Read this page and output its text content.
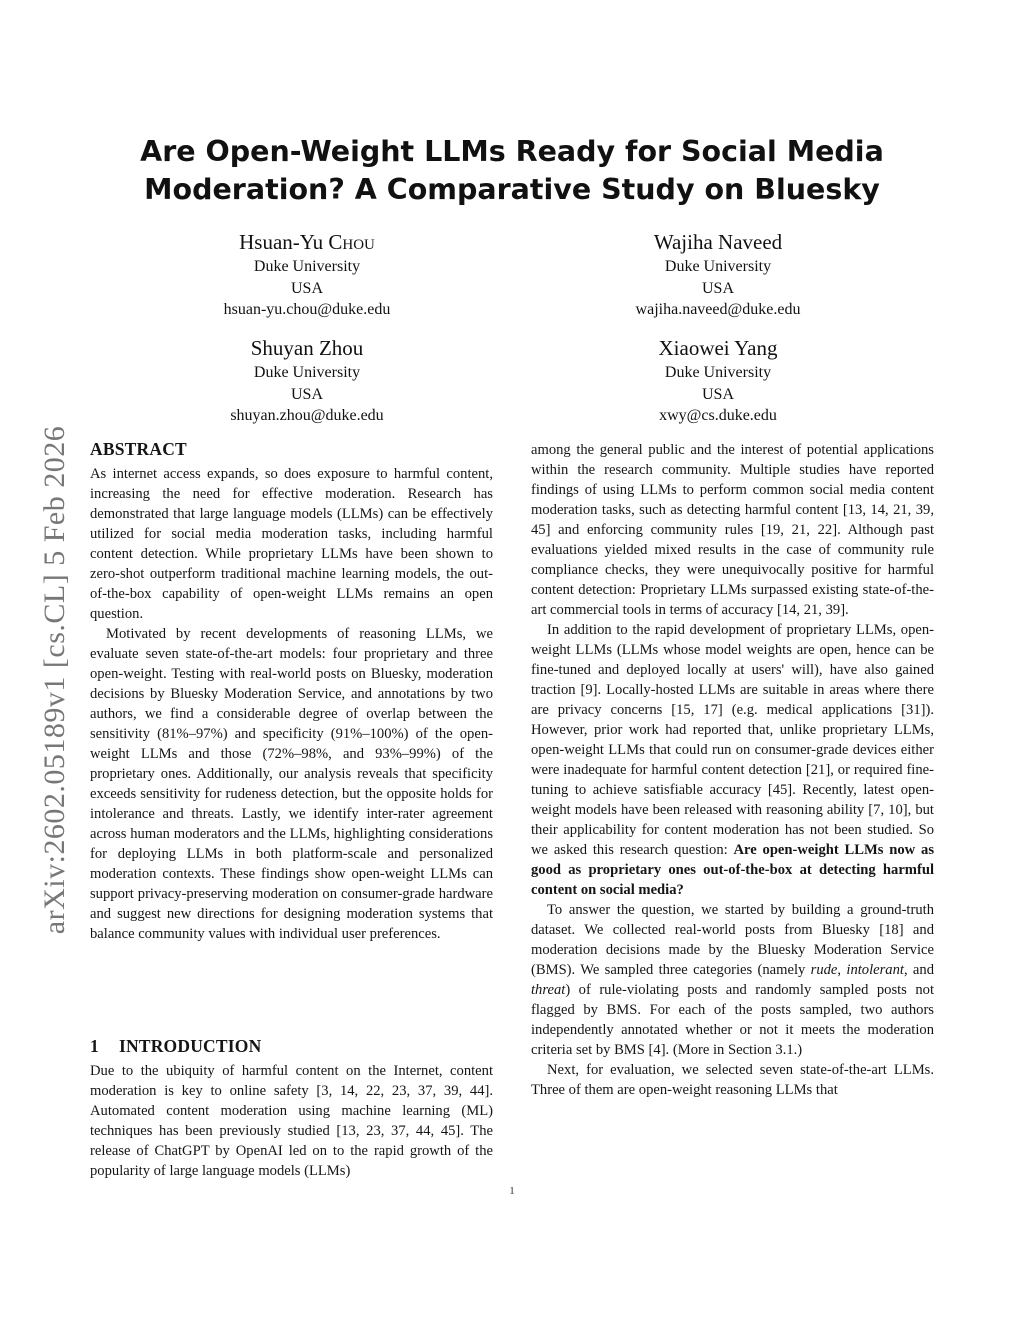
Are Open-Weight LLMs Ready for Social Media Moderation? A Comparative Study on Bluesky
Hsuan-Yu Chou
Duke University
USA
hsuan-yu.chou@duke.edu
Wajiha Naveed
Duke University
USA
wajiha.naveed@duke.edu
Shuyan Zhou
Duke University
USA
shuyan.zhou@duke.edu
Xiaowei Yang
Duke University
USA
xwy@cs.duke.edu
arXiv:2602.05189v1 [cs.CL] 5 Feb 2026 ABSTRACT

As internet access expands, so does exposure to harmful content, increasing the need for effective moderation. Research has demonstrated that large language models (LLMs) can be effectively utilized for social media moderation tasks, including harmful content detection. While proprietary LLMs have been shown to zero-shot outperform traditional machine learning models, the out-of-the-box capability of open-weight LLMs remains an open question.

Motivated by recent developments of reasoning LLMs, we evaluate seven state-of-the-art models: four proprietary and three open-weight. Testing with real-world posts on Bluesky, moderation decisions by Bluesky Moderation Service, and annotations by two authors, we find a considerable degree of overlap between the sensitivity (81%–97%) and specificity (91%–100%) of the open-weight LLMs and those (72%–98%, and 93%–99%) of the proprietary ones. Additionally, our analysis reveals that specificity exceeds sensitivity for rudeness detection, but the opposite holds for intolerance and threats. Lastly, we identify inter-rater agreement across human moderators and the LLMs, highlighting considerations for deploying LLMs in both platform-scale and personalized moderation contexts. These findings show open-weight LLMs can support privacy-preserving moderation on consumer-grade hardware and suggest new directions for designing moderation systems that balance community values with individual user preferences.

1 INTRODUCTION

Due to the ubiquity of harmful content on the Internet, content moderation is key to online safety [3, 14, 22, 23, 37, 39, 44]. Automated content moderation using machine learning (ML) techniques has been previously studied [13, 23, 37, 44, 45]. The release of ChatGPT by OpenAI led on to the rapid growth of the popularity of large language models (LLMs)

among the general public and the interest of potential applications within the research community. Multiple studies have reported findings of using LLMs to perform common social media content moderation tasks, such as detecting harmful content [13, 14, 21, 39, 45] and enforcing community rules [19, 21, 22]. Although past evaluations yielded mixed results in the case of community rule compliance checks, they were unequivocally positive for harmful content detection: Proprietary LLMs surpassed existing state-of-the-art commercial tools in terms of accuracy [14, 21, 39].

In addition to the rapid development of proprietary LLMs, open-weight LLMs (LLMs whose model weights are open, hence can be fine-tuned and deployed locally at users' will), have also gained traction [9]. Locally-hosted LLMs are suitable in areas where there are privacy concerns [15, 17] (e.g. medical applications [31]). However, prior work had reported that, unlike proprietary LLMs, open-weight LLMs that could run on consumer-grade devices either were inadequate for harmful content detection [21], or required fine-tuning to achieve satisfiable accuracy [45]. Recently, latest open-weight models have been released with reasoning ability [7, 10], but their applicability for content moderation has not been studied. So we asked this research question: Are open-weight LLMs now as good as proprietary ones out-of-the-box at detecting harmful content on social media?

To answer the question, we started by building a ground-truth dataset. We collected real-world posts from Bluesky [18] and moderation decisions made by the Bluesky Moderation Service (BMS). We sampled three categories (namely rude, intolerant, and threat) of rule-violating posts and randomly sampled posts not flagged by BMS. For each of the posts sampled, two authors independently annotated whether or not it meets the moderation criteria set by BMS [4]. (More in Section 3.1.)

Next, for evaluation, we selected seven state-of-the-art LLMs. Three of them are open-weight reasoning LLMs that

1
